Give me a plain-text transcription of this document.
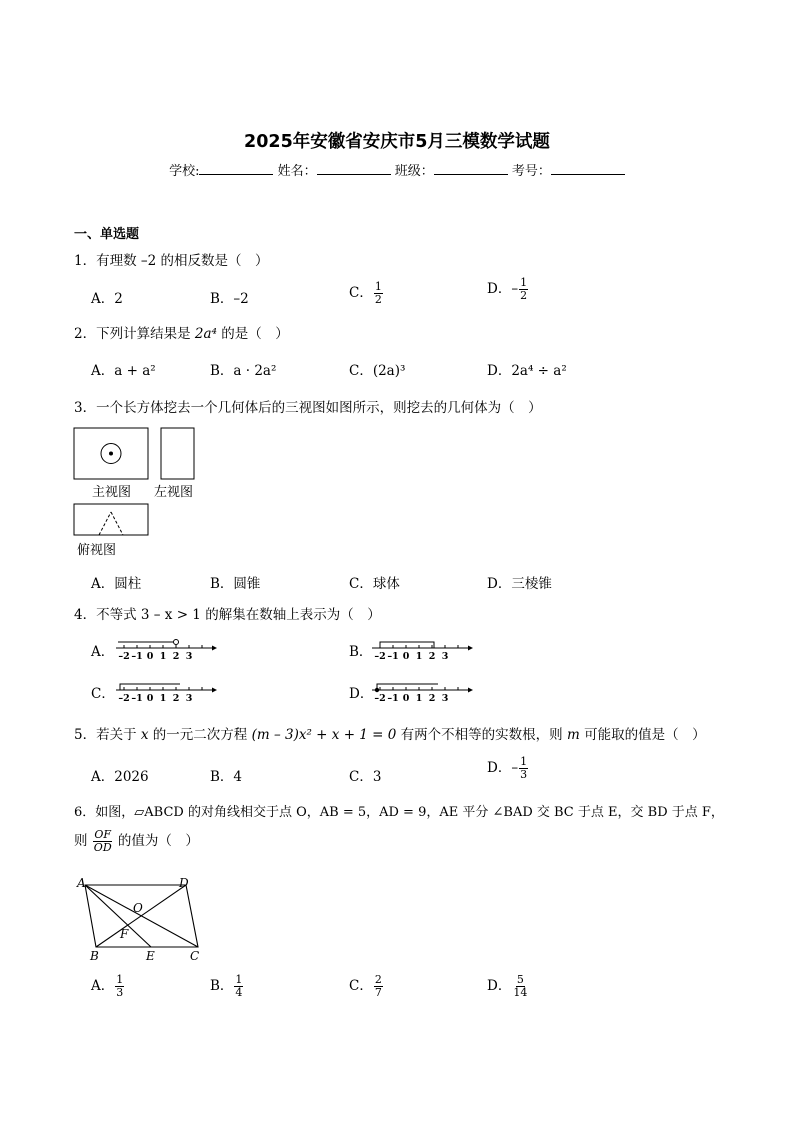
2025年安徽省安庆市5月三模数学试题
学校:	姓名：	班级：	考号：
一、单选题
1．有理数 –2 的相反数是（　）
A．2	B．–2	C． $\frac{1}{2}$	D．– $\frac{1}{2}$
2．下列计算结果是 2a⁴ 的是（　）
A．a + a²	B．a · 2a²	C．(2a)³	D．2a⁴ ÷ a²
3．一个长方体挖去一个几何体后的三视图如图所示，则挖去的几何体为（　）
主视图 左视图
俯视图
A．圆柱	B．圆锥	C．球体	D．三棱锥
4．不等式 3 – x > 1 的解集在数轴上表示为（　）
A． –2 –1 0 1 2 3	B． –2 –1 0 1 2 3
C． –2 –1 0 1 2 3	D． –2 –1 0 1 2 3
5．若关于 x 的一元二次方程 (m – 3)x² + x + 1 = 0 有两个不相等的实数根，则 m 可能取的值是（　）
A．2026	B．4	C．3
D．– $\frac{1}{3}$
6．如图，▱ABCD 的对角线相交于点 O，AB = 5，AD = 9，AE 平分 ∠BAD 交 BC 于点 E，交 BD 于点 F，
则 $\frac{OF}{OD}$ 的值为（　）
A	D
O
F
B	E	C
A． $\frac{1}{3}$	B． $\frac{1}{4}$	C． $\frac{2}{7}$	D． $\frac{5}{14}$
